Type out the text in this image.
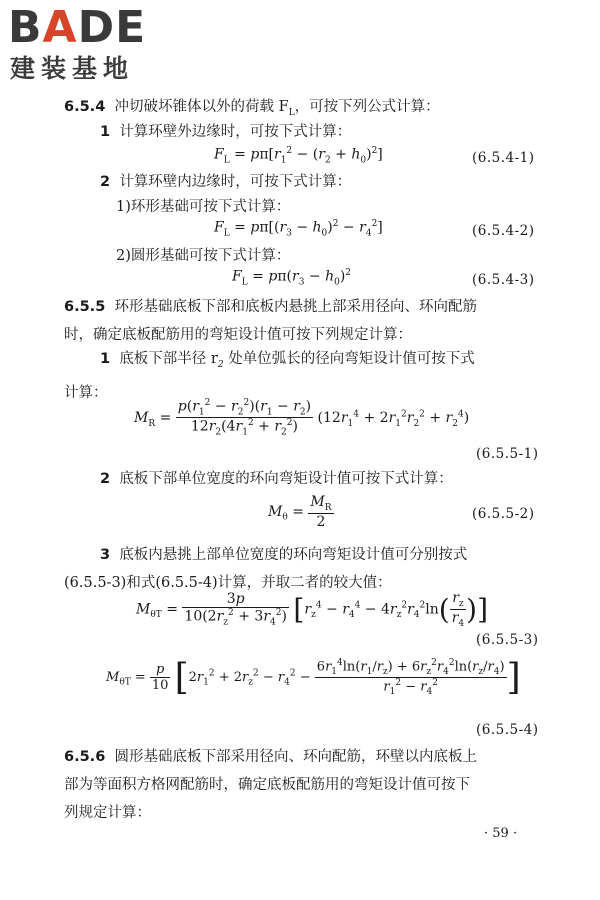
BADE
建装基地
6.5.4 冲切破坏锥体以外的荷载 $F_L$，可按下列公式计算：
1 计算环壁外边缘时，可按下式计算：
$F_L = p\pi[r_1^2 - (r_2 + h_0)^2]$	(6.5.4-1)
2 计算环壁内边缘时，可按下式计算：
1)环形基础可按下式计算：
$F_L = p\pi[(r_3 - h_0)^2 - r_4^2]$	(6.5.4-2)
2)圆形基础可按下式计算：
$F_L = p\pi(r_3 - h_0)^2$	(6.5.4-3)
6.5.5 环形基础底板下部和底板内悬挑上部采用径向、环向配筋
时，确定底板配筋用的弯矩设计值可按下列规定计算：
1 底板下部半径 $r_2$ 处单位弧长的径向弯矩设计值可按下式
计算：
$M_R = \frac{p(r_1^2 - r_2^2)(r_1 - r_2)}{12r_2(4r_1^2 + r_2^2)} (12r_1^4 + 2r_1^2r_2^2 + r_2^4)$
(6.5.5-1)
2 底板下部单位宽度的环向弯矩设计值可按下式计算：
$M_\theta = \frac{M_R}{2}$	(6.5.5-2)
3 底板内悬挑上部单位宽度的环向弯矩设计值可分别按式
(6.5.5-3)和式(6.5.5-4)计算，并取二者的较大值：
$M_{\theta T} = \frac{3p}{10(2r_z^2 + 3r_4^2)} [r_z^4 - r_4^4 - 4r_z^2r_4^2\ln( \frac{r_z}{r_4}$ )]
(6.5.5-3)
$M_{\theta T} = \frac{p}{10} [2r_1^2 + 2r_z^2 - r_4^2 - \frac{6r_1^4\ln(r_1/r_z) + 6r_z^2r_4^2\ln(r_z/r_4)}{r_1^2 - r_4^2}$ ]
(6.5.5-4)
6.5.6 圆形基础底板下部采用径向、环向配筋，环壁以内底板上
部为等面积方格网配筋时，确定底板配筋用的弯矩设计值可按下
列规定计算：
· 59 ·
